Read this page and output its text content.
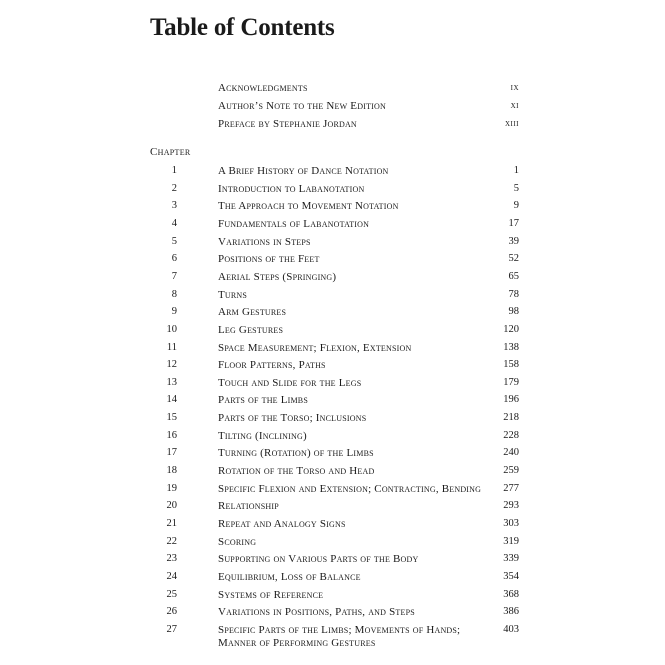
Table of Contents
Acknowledgments	ix
Author’s Note to the New Edition	xi
Preface by Stephanie Jordan	xiii
Chapter
1	A Brief History of Dance Notation	1
2	Introduction to Labanotation	5
3	The Approach to Movement Notation	9
4	Fundamentals of Labanotation	17
5	Variations in Steps	39
6	Positions of the Feet	52
7	Aerial Steps (Springing)	65
8	Turns	78
9	Arm Gestures	98
10	Leg Gestures	120
11	Space Measurement; Flexion, Extension	138
12	Floor Patterns, Paths	158
13	Touch and Slide for the Legs	179
14	Parts of the Limbs	196
15	Parts of the Torso; Inclusions	218
16	Tilting (Inclining)	228
17	Turning (Rotation) of the Limbs	240
18	Rotation of the Torso and Head	259
19	Specific Flexion and Extension; Contracting, Bending	277
20	Relationship	293
21	Repeat and Analogy Signs	303
22	Scoring	319
23	Supporting on Various Parts of the Body	339
24	Equilibrium, Loss of Balance	354
25	Systems of Reference	368
26	Variations in Positions, Paths, and Steps	386
27	Specific Parts of the Limbs; Movements of Hands;	403
Manner of Performing Gestures
